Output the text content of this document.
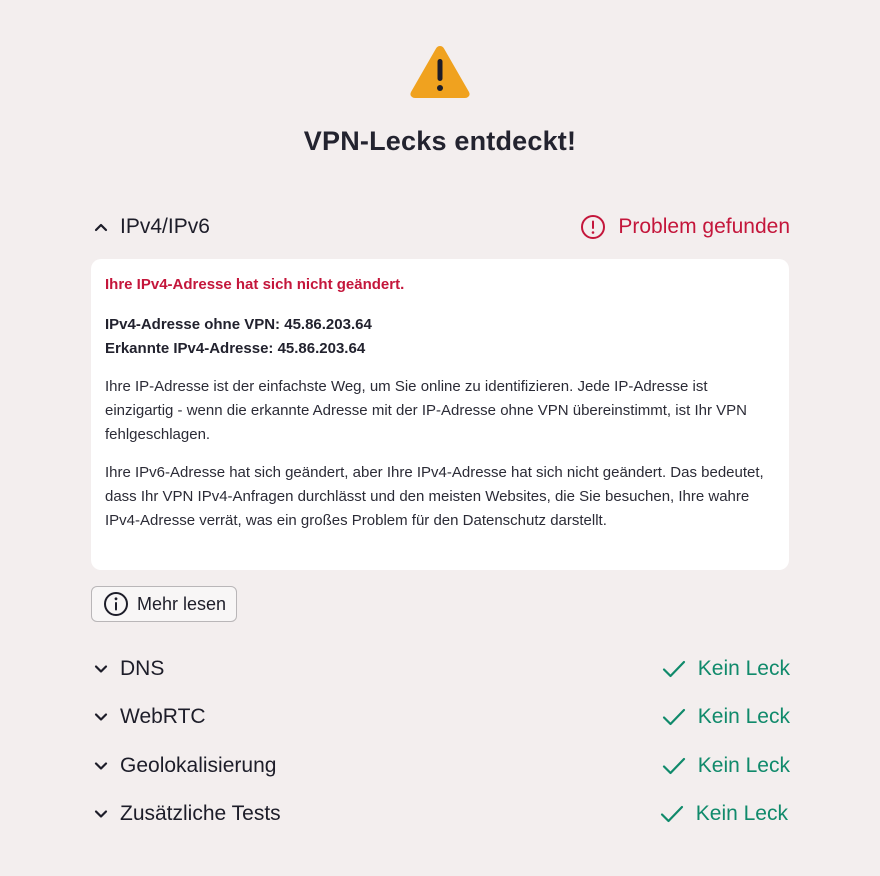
VPN-Lecks entdeckt!
IPv4/IPv6	Problem gefunden
Ihre IPv4-Adresse hat sich nicht geändert.
IPv4-Adresse ohne VPN: 45.86.203.64
Erkannte IPv4-Adresse: 45.86.203.64

Ihre IP-Adresse ist der einfachste Weg, um Sie online zu identifizieren. Jede IP-Adresse ist einzigartig - wenn die erkannte Adresse mit der IP-Adresse ohne VPN übereinstimmt, ist Ihr VPN fehlgeschlagen.

Ihre IPv6-Adresse hat sich geändert, aber Ihre IPv4-Adresse hat sich nicht geändert. Das bedeutet, dass Ihr VPN IPv4-Anfragen durchlässt und den meisten Websites, die Sie besuchen, Ihre wahre IPv4-Adresse verrät, was ein großes Problem für den Datenschutz darstellt.

Mehr lesen
DNS	Kein Leck
WebRTC	Kein Leck
Geolokalisierung	Kein Leck
Zusätzliche Tests	Kein Leck
